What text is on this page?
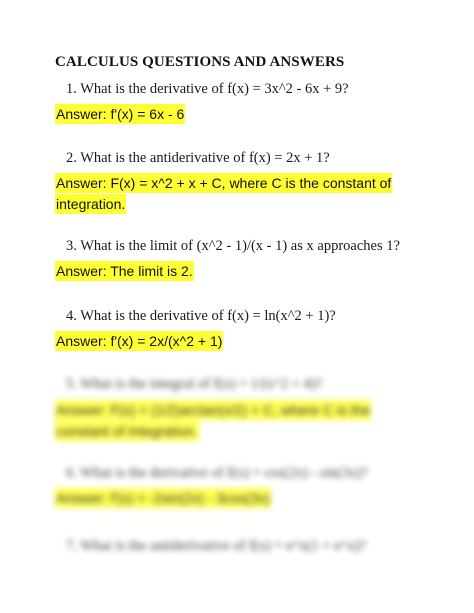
CALCULUS QUESTIONS AND ANSWERS
1. What is the derivative of f(x) = 3x^2 - 6x + 9?
Answer: f'(x) = 6x - 6
2. What is the antiderivative of f(x) = 2x + 1?
Answer: F(x) = x^2 + x + C, where C is the constant of integration.
3. What is the limit of (x^2 - 1)/(x - 1) as x approaches 1?
Answer: The limit is 2.
4. What is the derivative of f(x) = ln(x^2 + 1)?
Answer: f'(x) = 2x/(x^2 + 1)
5. What is the integral of f(x) = 1/(x^2 + 4)?
Answer: F(x) = (1/2)arctan(x/2) + C, where C is the constant of integration.
6. What is the derivative of f(x) = cos(2x) - sin(3x)?
Answer: f'(x) = -2sin(2x) - 3cos(3x)
7. What is the antiderivative of f(x) = e^x(1 + e^x)?
